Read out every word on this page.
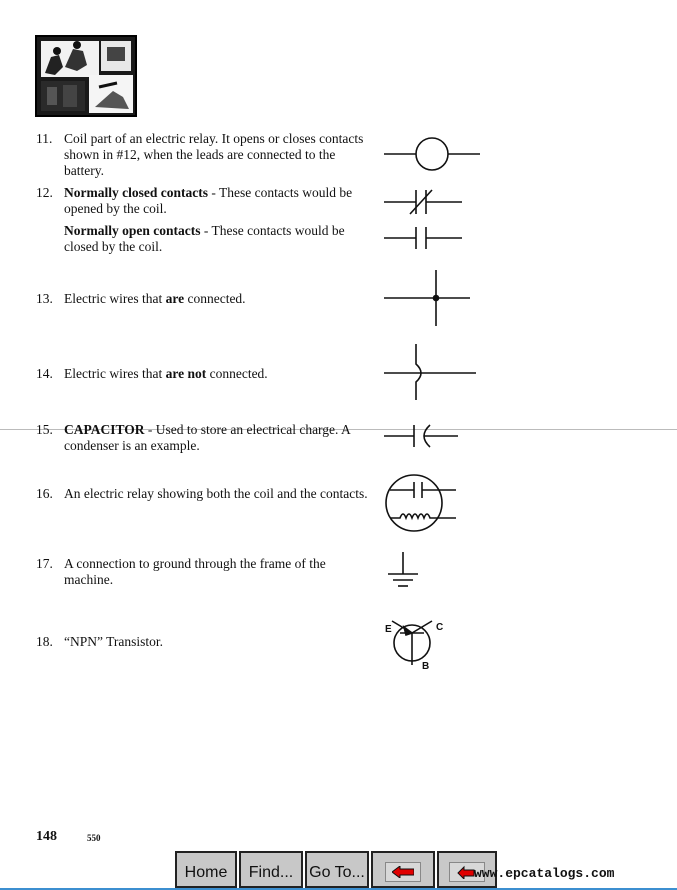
11. Coil part of an electric relay. It opens or closes contacts shown in #12, when the leads are connected to the battery.
12. Normally closed contacts - These contacts would be opened by the coil.
Normally open contacts - These contacts would be closed by the coil.
13. Electric wires that are connected.
14. Electric wires that are not connected.
15. CAPACITOR - Used to store an electrical charge. A condenser is an example.
16. An electric relay showing both the coil and the contacts.
17. A connection to ground through the frame of the machine.
18. “NPN” Transistor.
E	C
B
148	550
Home	Find... Go To...	www.epcatalogs.com
